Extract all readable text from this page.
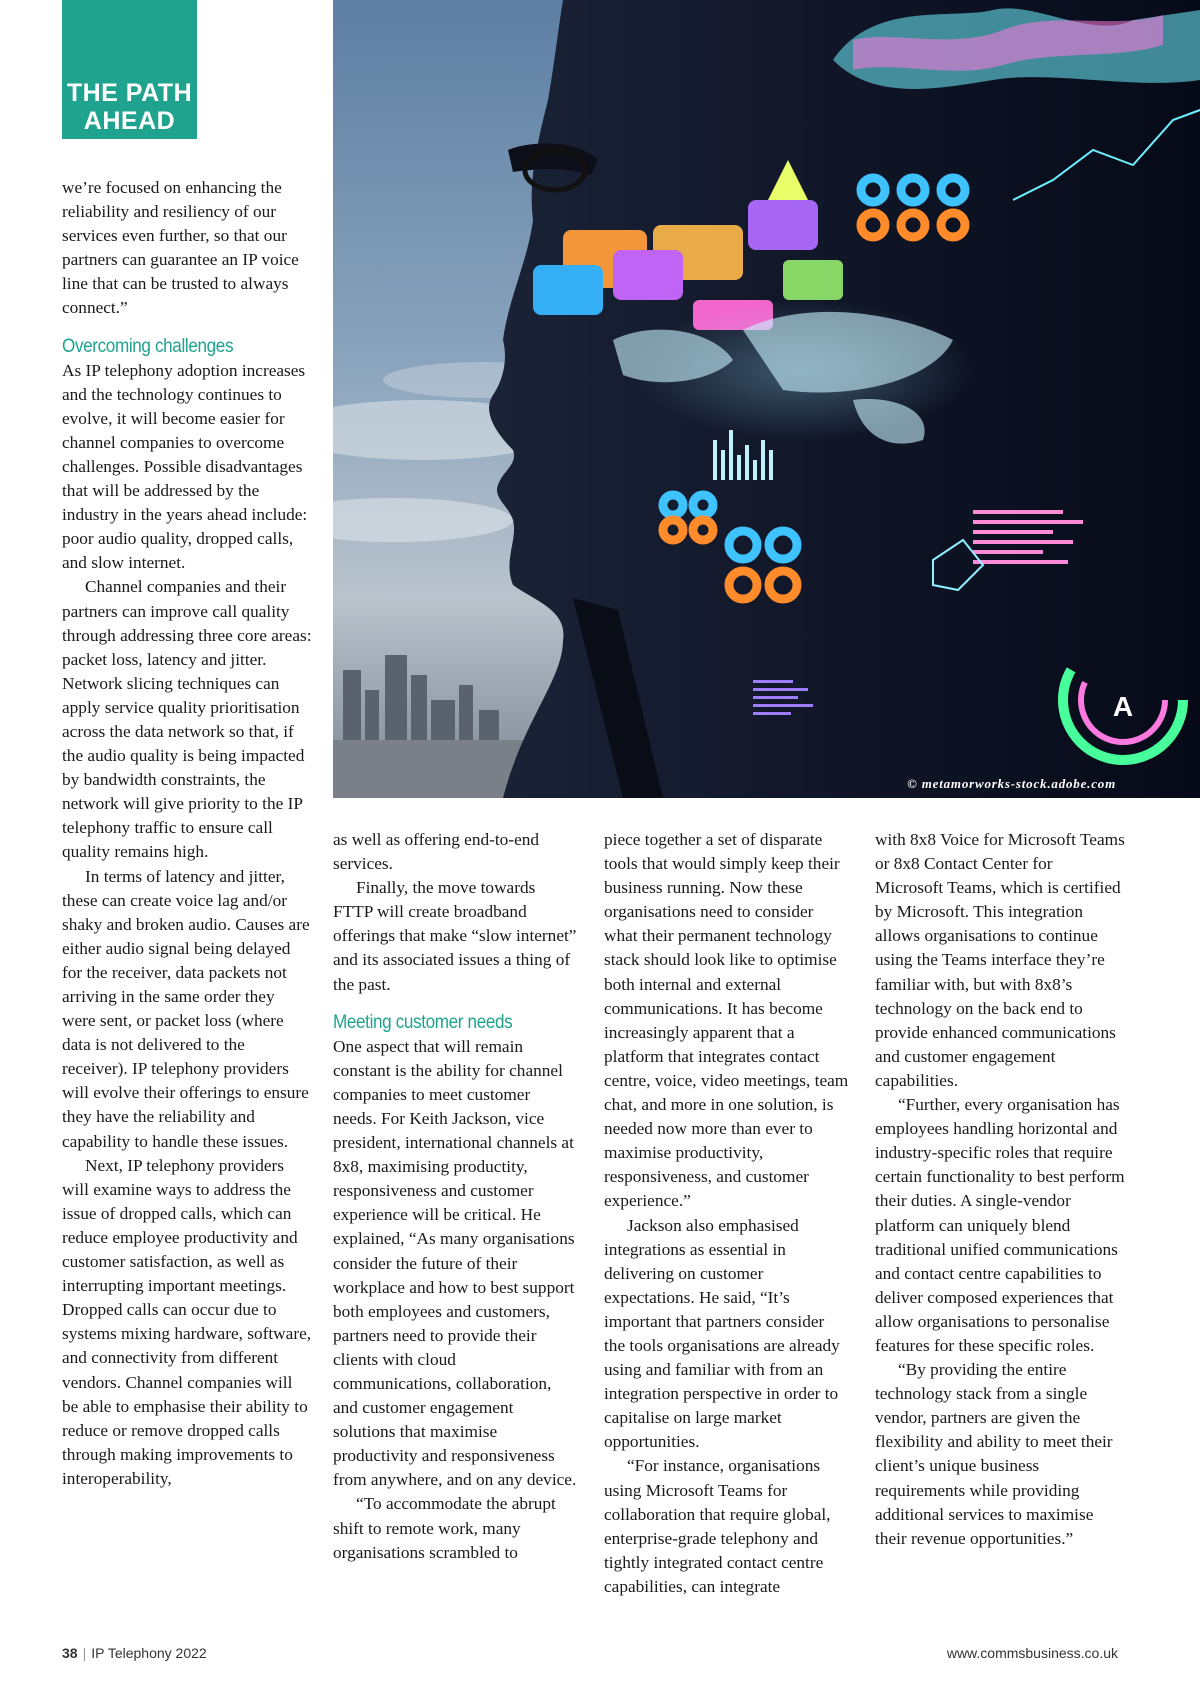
THE PATH
AHEAD
A
© metamorworks-stock.adobe.com

we’re focused on enhancing the reliability and resiliency of our services even further, so that our partners can guarantee an IP voice line that can be trusted to always connect.”

Overcoming challenges

As IP telephony adoption increases and the technology continues to evolve, it will become easier for channel companies to overcome challenges. Possible disadvantages that will be addressed by the industry in the years ahead include: poor audio quality, dropped calls, and slow internet.

Channel companies and their partners can improve call quality through addressing three core areas: packet loss, latency and jitter. Network slicing techniques can apply service quality prioritisation across the data network so that, if the audio quality is being impacted by bandwidth constraints, the network will give priority to the IP telephony traffic to ensure call quality remains high.

In terms of latency and jitter, these can create voice lag and/or shaky and broken audio. Causes are either audio signal being delayed for the receiver, data packets not arriving in the same order they were sent, or packet loss (where data is not delivered to the receiver). IP telephony providers will evolve their offerings to ensure they have the reliability and capability to handle these issues.

Next, IP telephony providers will examine ways to address the issue of dropped calls, which can reduce employee productivity and customer satisfaction, as well as interrupting important meetings. Dropped calls can occur due to systems mixing hardware, software, and connectivity from different vendors. Channel companies will be able to emphasise their ability to reduce or remove dropped calls through making improvements to interoperability,

as well as offering end-to-end services.

Finally, the move towards FTTP will create broadband offerings that make “slow internet” and its associated issues a thing of the past.

Meeting customer needs

One aspect that will remain constant is the ability for channel companies to meet customer needs. For Keith Jackson, vice president, international channels at 8x8, maximising productity, responsiveness and customer experience will be critical. He explained, “As many organisations consider the future of their workplace and how to best support both employees and customers, partners need to provide their clients with cloud communications, collaboration, and customer engagement solutions that maximise productivity and responsiveness from anywhere, and on any device.

“To accommodate the abrupt shift to remote work, many organisations scrambled to

piece together a set of disparate tools that would simply keep their business running. Now these organisations need to consider what their permanent technology stack should look like to optimise both internal and external communications. It has become increasingly apparent that a platform that integrates contact centre, voice, video meetings, team chat, and more in one solution, is needed now more than ever to maximise productivity, responsiveness, and customer experience.”

Jackson also emphasised integrations as essential in delivering on customer expectations. He said, “It’s important that partners consider the tools organisations are already using and familiar with from an integration perspective in order to capitalise on large market opportunities.

“For instance, organisations using Microsoft Teams for collaboration that require global, enterprise-grade telephony and tightly integrated contact centre capabilities, can integrate

with 8x8 Voice for Microsoft Teams or 8x8 Contact Center for Microsoft Teams, which is certified by Microsoft. This integration allows organisations to continue using the Teams interface they’re familiar with, but with 8x8’s technology on the back end to provide enhanced communications and customer engagement capabilities.

“Further, every organisation has employees handling horizontal and industry-specific roles that require certain functionality to best perform their duties. A single-vendor platform can uniquely blend traditional unified communications and contact centre capabilities to deliver composed experiences that allow organisations to personalise features for these specific roles.

“By providing the entire technology stack from a single vendor, partners are given the flexibility and ability to meet their client’s unique business requirements while providing additional services to maximise their revenue opportunities.”

38 | IP Telephony 2022	www.commsbusiness.co.uk
